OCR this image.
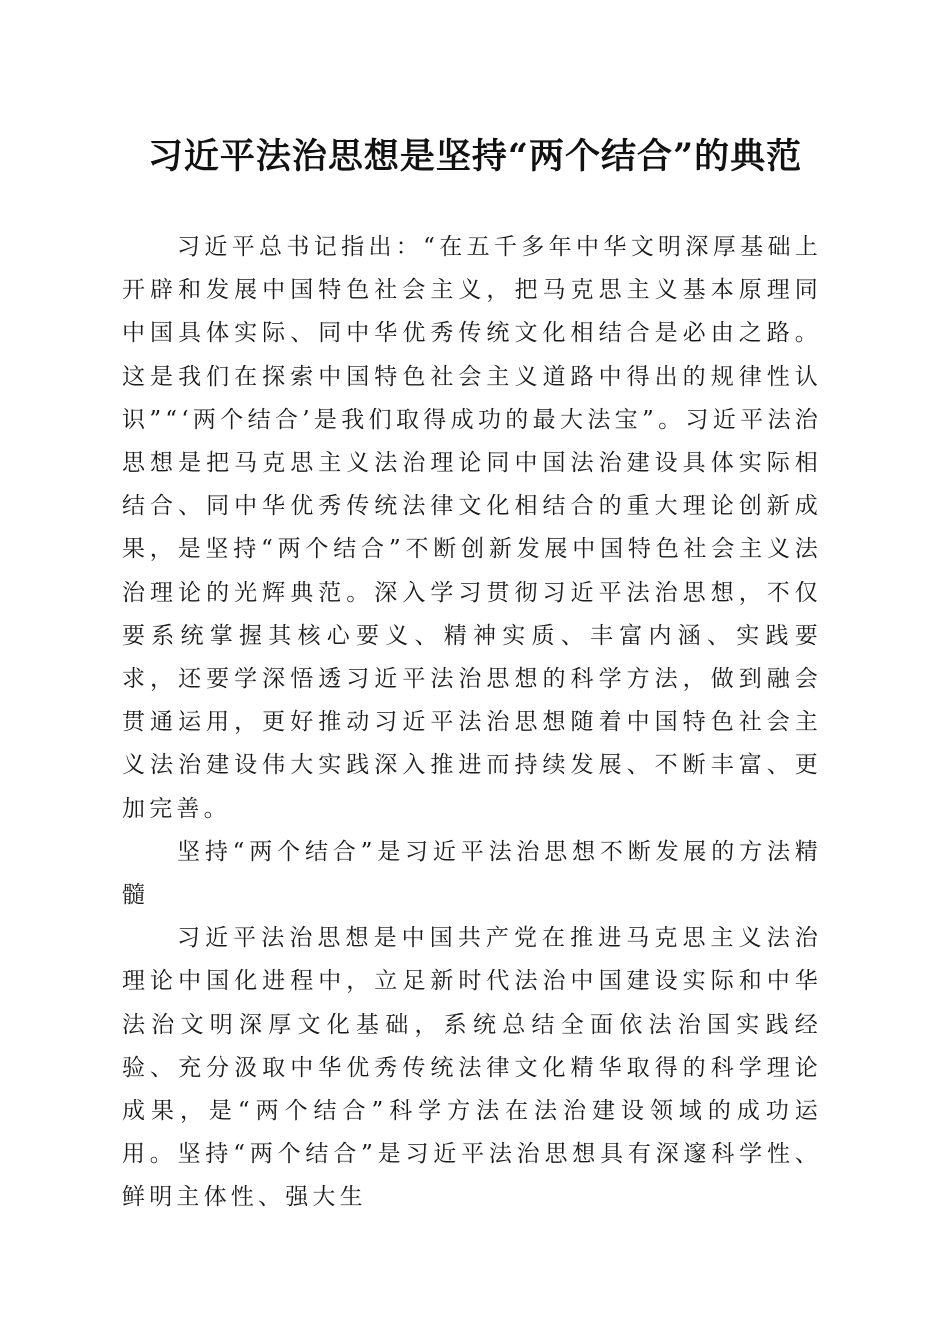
习近平法治思想是坚持“两个结合”的典范

习近平总书记指出：“在五千多年中华文明深厚基础上开辟和发展中国特色社会主义，把马克思主义基本原理同中国具体实际、同中华优秀传统文化相结合是必由之路。这是我们在探索中国特色社会主义道路中得出的规律性认识”“‘两个结合’是我们取得成功的最大法宝”。习近平法治思想是把马克思主义法治理论同中国法治建设具体实际相结合、同中华优秀传统法律文化相结合的重大理论创新成果，是坚持“两个结合”不断创新发展中国特色社会主义法治理论的光辉典范。深入学习贯彻习近平法治思想，不仅要系统掌握其核心要义、精神实质、丰富内涵、实践要求，还要学深悟透习近平法治思想的科学方法，做到融会贯通运用，更好推动习近平法治思想随着中国特色社会主义法治建设伟大实践深入推进而持续发展、不断丰富、更加完善。

坚持“两个结合”是习近平法治思想不断发展的方法精髓

习近平法治思想是中国共产党在推进马克思主义法治理论中国化进程中，立足新时代法治中国建设实际和中华法治文明深厚文化基础，系统总结全面依法治国实践经验、充分汲取中华优秀传统法律文化精华取得的科学理论成果，是“两个结合”科学方法在法治建设领域的成功运用。坚持“两个结合”是习近平法治思想具有深邃科学性、鲜明主体性、强大生
